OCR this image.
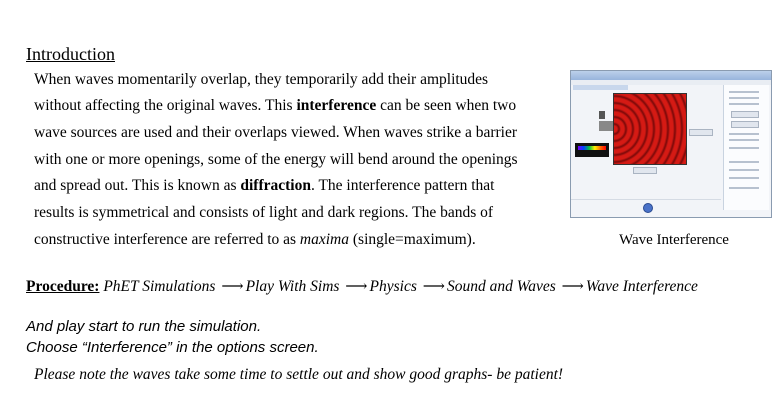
Introduction
When waves momentarily overlap, they temporarily add their amplitudes
without affecting the original waves. This interference can be seen when two
wave sources are used and their overlaps viewed. When waves strike a barrier
with one or more openings, some of the energy will bend around the openings
and spread out. This is known as diffraction. The interference pattern that
results is symmetrical and consists of light and dark regions. The bands of
constructive interference are referred to as maxima (single=maximum).	Wave Interference
Procedure: PhET Simulations ⟶ Play With Sims ⟶ Physics ⟶ Sound and Waves ⟶ Wave Interference
And play start to run the simulation.
Choose “Interference” in the options screen.
Please note the waves take some time to settle out and show good graphs- be patient!
